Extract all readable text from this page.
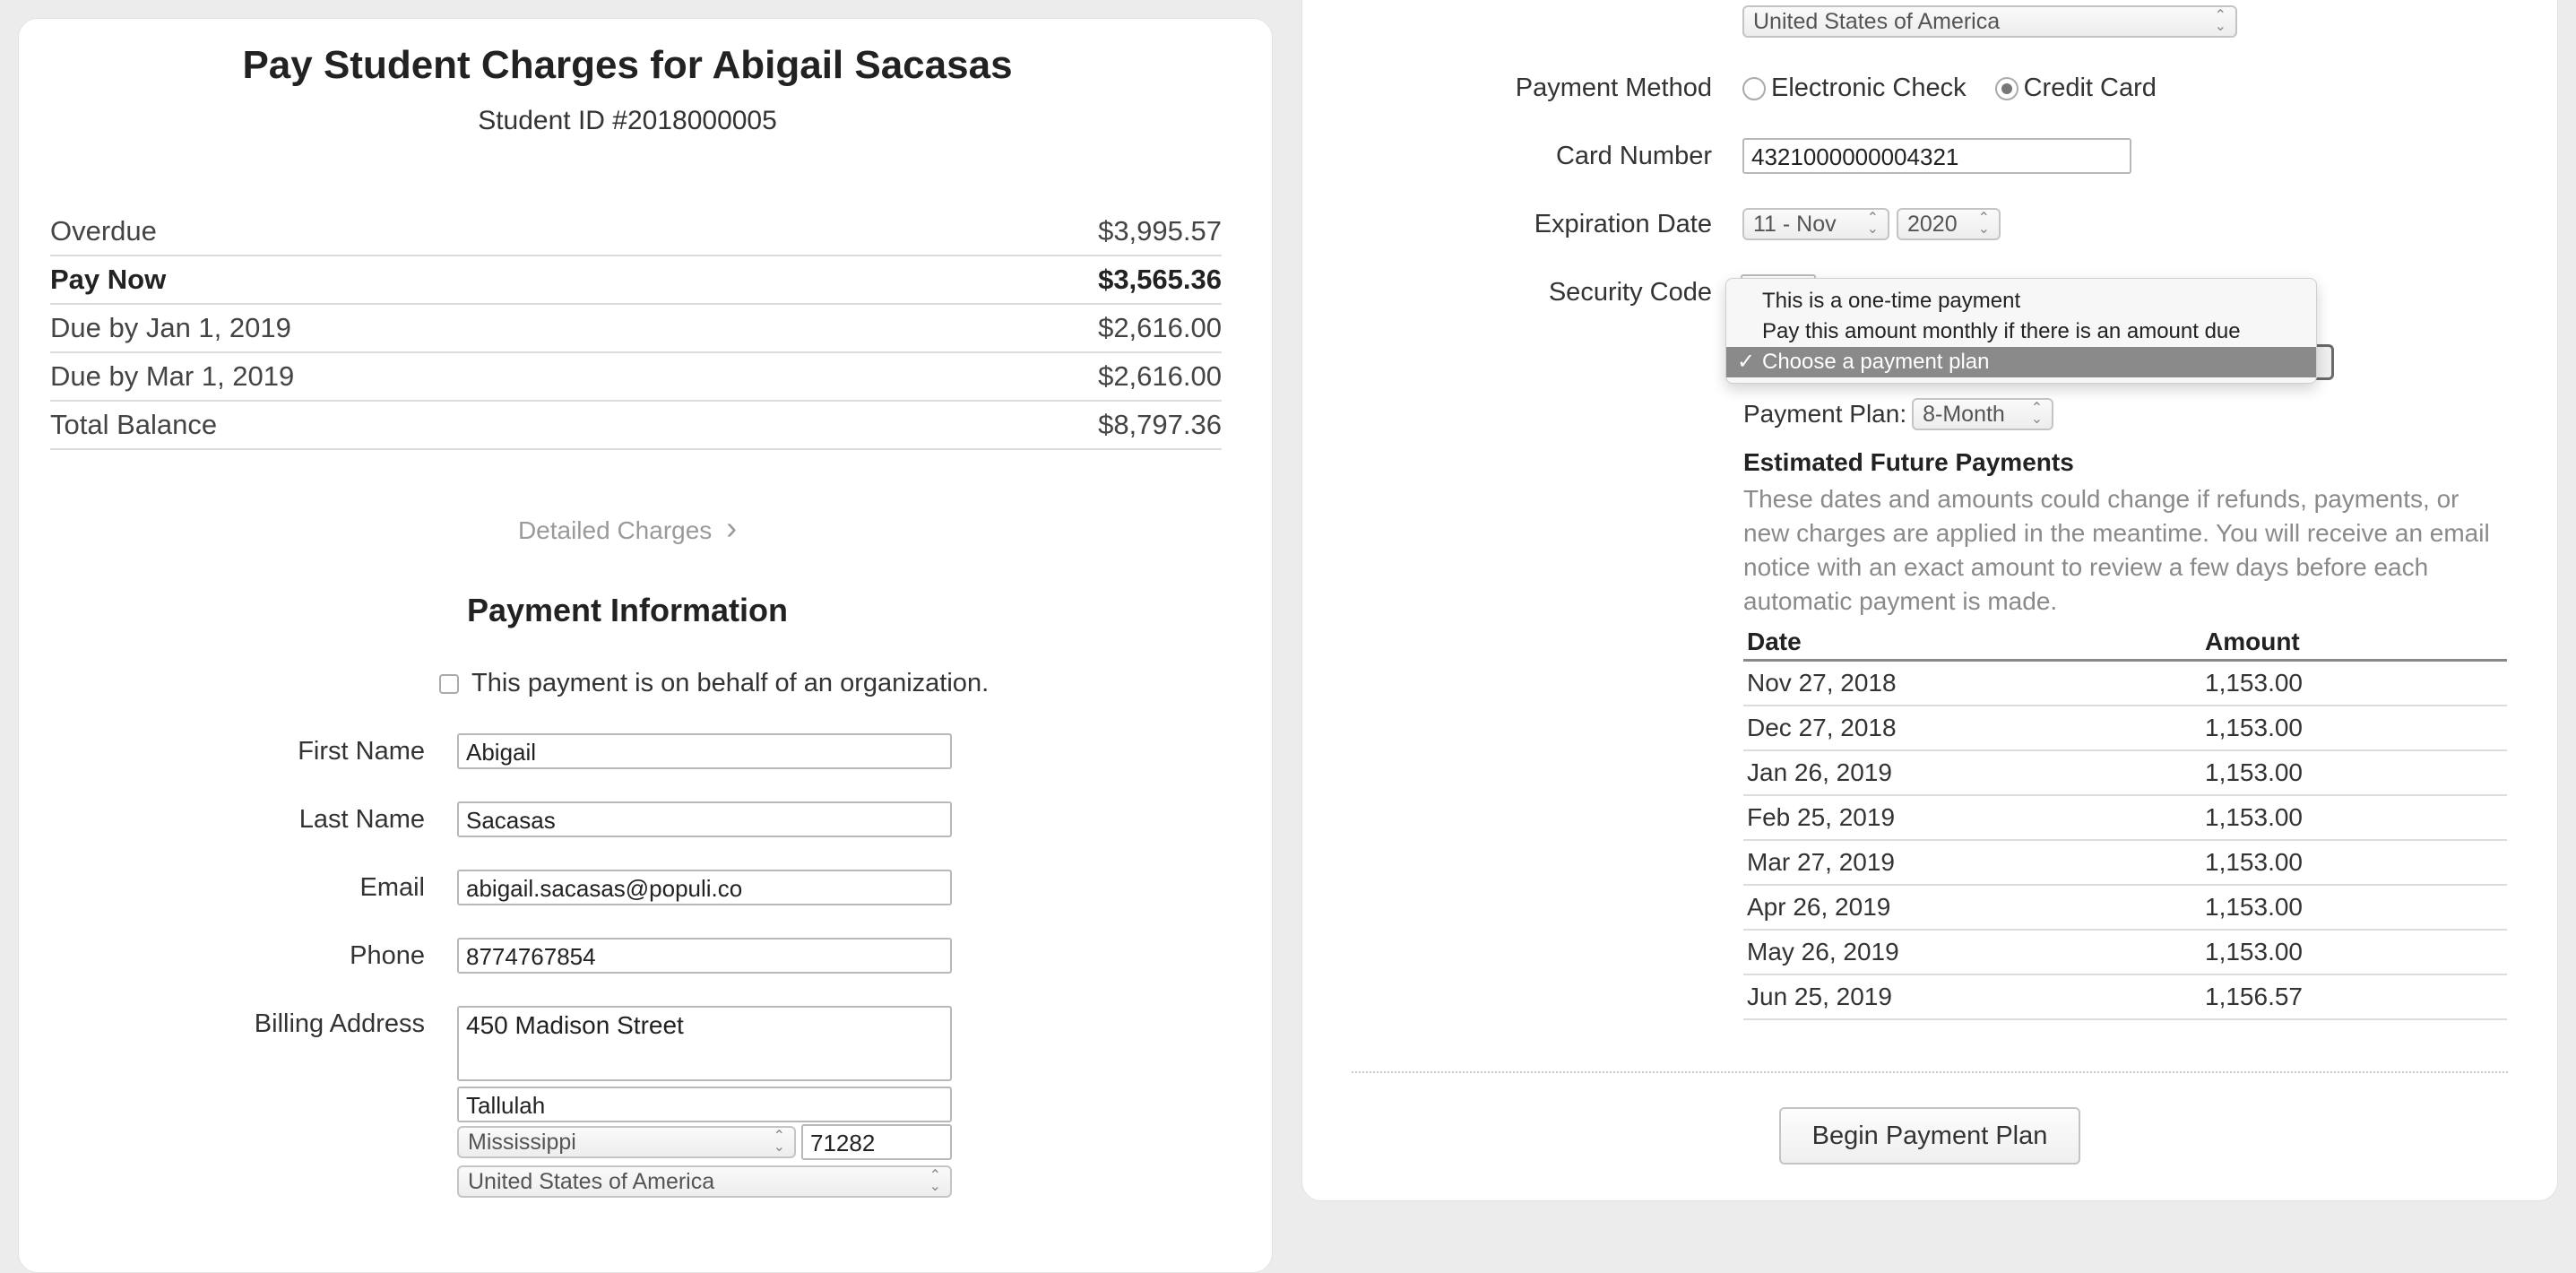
Pay Student Charges for Abigail Sacasas
Student ID #2018000005
Overdue	$3,995.57
Pay Now	$3,565.36
Due by Jan 1, 2019	$2,616.00
Due by Mar 1, 2019	$2,616.00
Total Balance	$8,797.36
Detailed Charges ›
Payment Information
This payment is on behalf of an organization.
First Name	Abigail
Last Name	Sacasas
Email	abigail.sacasas@populi.co
Phone	8774767854
Billing Address	450 Madison Street
Tallulah
Mississippi	⌃
⌄	71282
United States of America	⌃
⌄
United States of America	⌃
⌄
Payment Method Electronic Check Credit Card
Card Number	4321000000004321
Expiration Date 11 - Nov ⌃
⌄ 2020 ⌃
⌄
Security Code	This is a one-time payment
Pay this amount monthly if there is an amount due
✓ Choose a payment plan
Payment Plan: 8-Month ⌃
⌄
Estimated Future Payments
These dates and amounts could change if refunds, payments, or new charges are applied in the meantime. You will receive an email notice with an exact amount to review a few days before each automatic payment is made.
Date	Amount
Nov 27, 2018	1,153.00
Dec 27, 2018	1,153.00
Jan 26, 2019	1,153.00
Feb 25, 2019	1,153.00
Mar 27, 2019	1,153.00
Apr 26, 2019	1,153.00
May 26, 2019	1,153.00
Jun 25, 2019	1,156.57
Begin Payment Plan
